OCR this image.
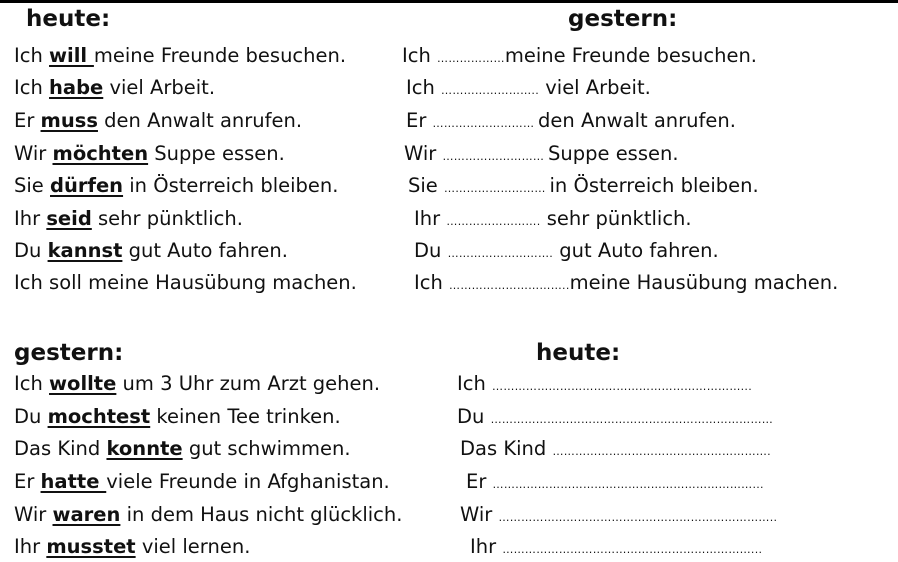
heute:	gestern:
Ich will meine Freunde besuchen.	Ich ………………meine Freunde besuchen.
Ich habe viel Arbeit.	Ich …………………….. viel Arbeit.
Er muss den Anwalt anrufen.	Er ……………………… den Anwalt anrufen.
Wir möchten Suppe essen.	Wir ……………………… Suppe essen.
Sie dürfen in Österreich bleiben.	Sie ……………………… in Österreich bleiben.
Ihr seid sehr pünktlich.	Ihr ……………………. sehr pünktlich.
Du kannst gut Auto fahren.	Du ………………………. gut Auto fahren.
Ich soll meine Hausübung machen.	Ich …………………………..meine Hausübung machen.
gestern:	heute:
Ich wollte um 3 Uhr zum Arzt gehen.	Ich …………………………………………………………...
Du mochtest keinen Tee trinken.	Du …………………………………………………………………
Das Kind konnte gut schwimmen.	Das Kind ………………………………………………….
Er hatte viele Freunde in Afghanistan.	Er ……………………………………………………………...
Wir waren in dem Haus nicht glücklich.	Wir ………………………………………………………………..
Ihr musstet viel lernen.	Ihr …………………………………………………………...
